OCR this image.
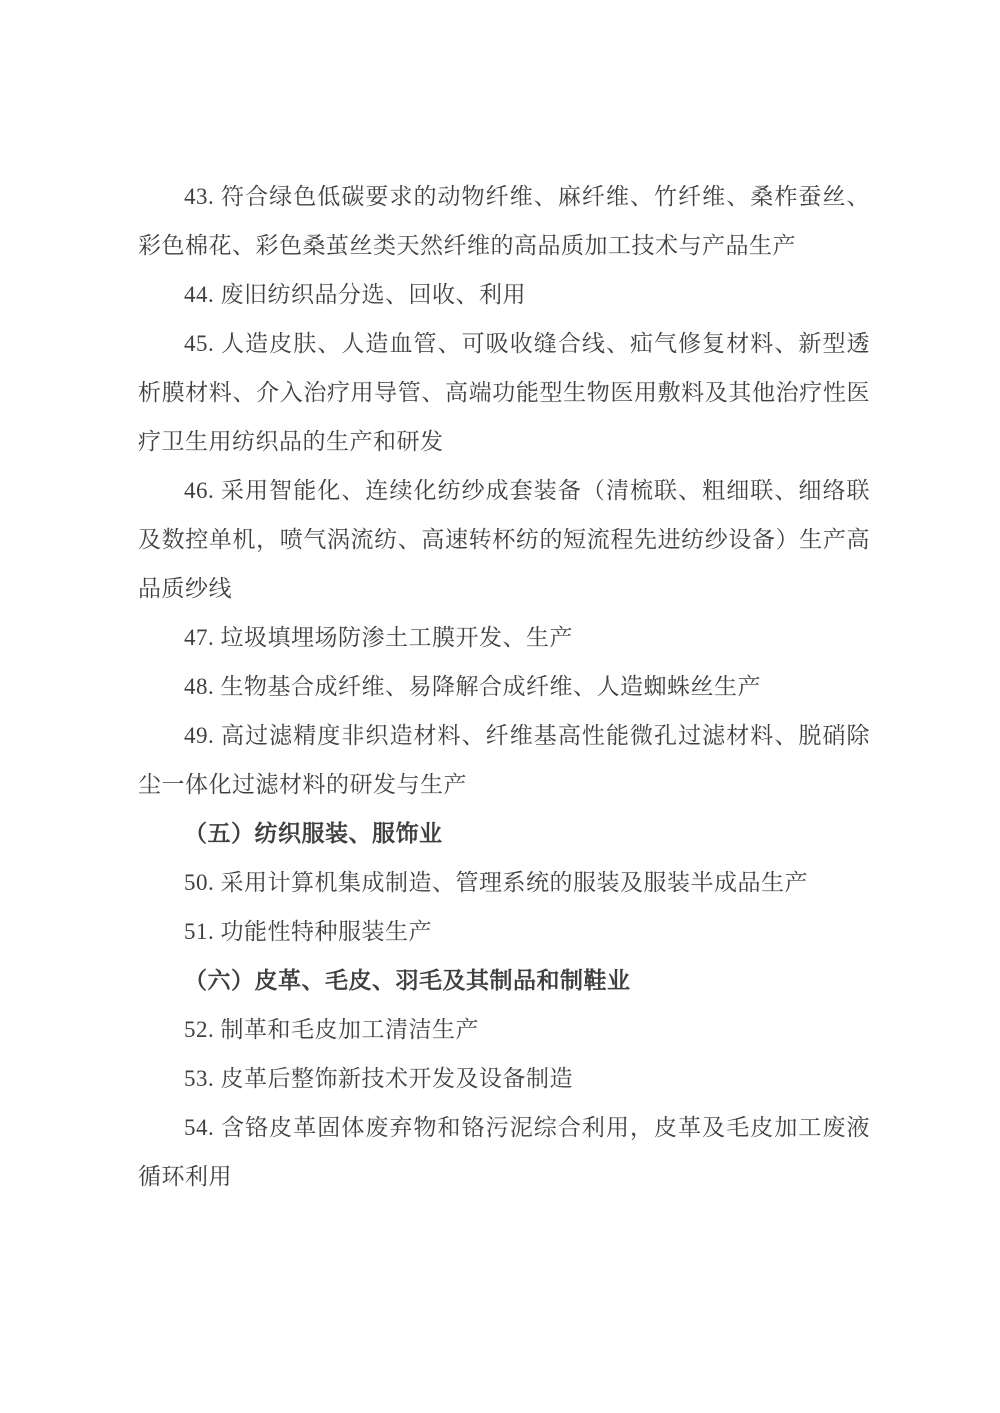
43. 符合绿色低碳要求的动物纤维、麻纤维、竹纤维、桑柞蚕丝、彩色棉花、彩色桑茧丝类天然纤维的高品质加工技术与产品生产

44. 废旧纺织品分选、回收、利用

45. 人造皮肤、人造血管、可吸收缝合线、疝气修复材料、新型透析膜材料、介入治疗用导管、高端功能型生物医用敷料及其他治疗性医疗卫生用纺织品的生产和研发

46. 采用智能化、连续化纺纱成套装备（清梳联、粗细联、细络联及数控单机，喷气涡流纺、高速转杯纺的短流程先进纺纱设备）生产高品质纱线

47. 垃圾填埋场防渗土工膜开发、生产

48. 生物基合成纤维、易降解合成纤维、人造蜘蛛丝生产

49. 高过滤精度非织造材料、纤维基高性能微孔过滤材料、脱硝除尘一体化过滤材料的研发与生产

（五）纺织服装、服饰业

50. 采用计算机集成制造、管理系统的服装及服装半成品生产

51. 功能性特种服装生产

（六）皮革、毛皮、羽毛及其制品和制鞋业

52. 制革和毛皮加工清洁生产

53. 皮革后整饰新技术开发及设备制造

54. 含铬皮革固体废弃物和铬污泥综合利用，皮革及毛皮加工废液循环利用
